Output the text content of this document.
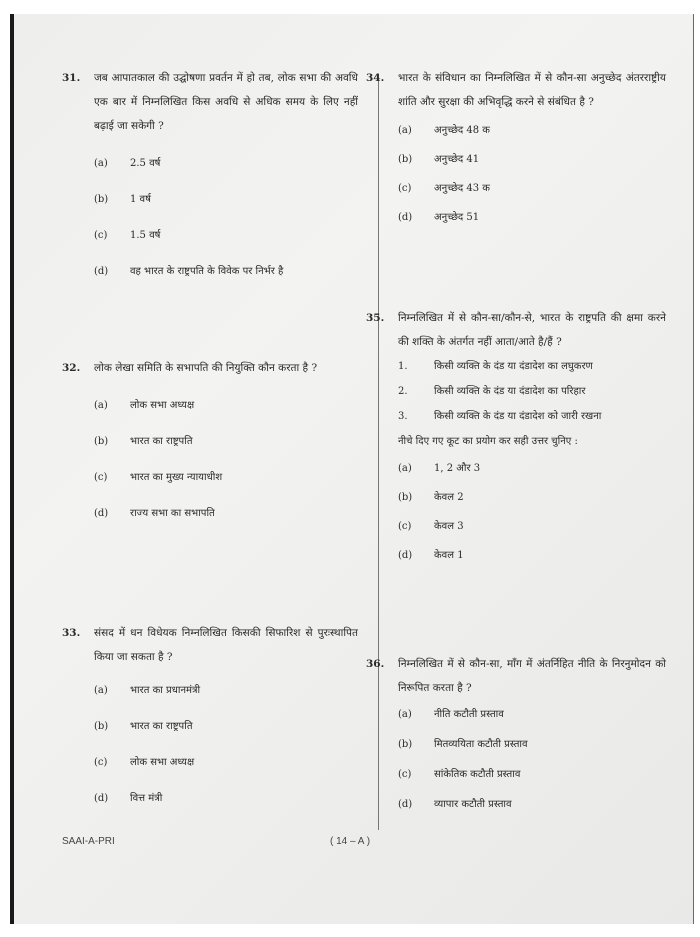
31. जब आपातकाल की उद्घोषणा प्रवर्तन में हो तब, लोक सभा की अवधि एक बार में निम्नलिखित किस अवधि से अधिक समय के लिए नहीं बढ़ाई जा सकेगी ?
(a)	2.5 वर्ष
(b)	1 वर्ष
(c)	1.5 वर्ष
(d)	वह भारत के राष्ट्रपति के विवेक पर निर्भर है
32. लोक लेखा समिति के सभापति की नियुक्ति कौन करता है ?
(a)	लोक सभा अध्यक्ष
(b)	भारत का राष्ट्रपति
(c)	भारत का मुख्य न्यायाधीश
(d)	राज्य सभा का सभापति
33. संसद में धन विधेयक निम्नलिखित किसकी सिफारिश से पुरःस्थापित किया जा सकता है ?
(a)	भारत का प्रधानमंत्री
(b)	भारत का राष्ट्रपति
(c)	लोक सभा अध्यक्ष
(d)	वित्त मंत्री
34. भारत के संविधान का निम्नलिखित में से कौन-सा अनुच्छेद अंतरराष्ट्रीय शांति और सुरक्षा की अभिवृद्धि करने से संबंधित है ?
(a)	अनुच्छेद 48 क
(b)	अनुच्छेद 41
(c)	अनुच्छेद 43 क
(d)	अनुच्छेद 51
35. निम्नलिखित में से कौन-सा/कौन-से, भारत के राष्ट्रपति की क्षमा करने की शक्ति के अंतर्गत नहीं आता/आते है/हैं ?
1.	किसी व्यक्ति के दंड या दंडादेश का लघुकरण
2.	किसी व्यक्ति के दंड या दंडादेश का परिहार
3.	किसी व्यक्ति के दंड या दंडादेश को जारी रखना
नीचे दिए गए कूट का प्रयोग कर सही उत्तर चुनिए :
(a)	1, 2 और 3
(b)	केवल 2
(c)	केवल 3
(d)	केवल 1
36. निम्नलिखित में से कौन-सा, माँग में अंतर्निहित नीति के निरनुमोदन को निरूपित करता है ?
(a)	नीति कटौती प्रस्ताव
(b)	मितव्ययिता कटौती प्रस्ताव
(c)	सांकेतिक कटौती प्रस्ताव
(d)	व्यापार कटौती प्रस्ताव
SAAI-A-PRI	( 14 – A )
